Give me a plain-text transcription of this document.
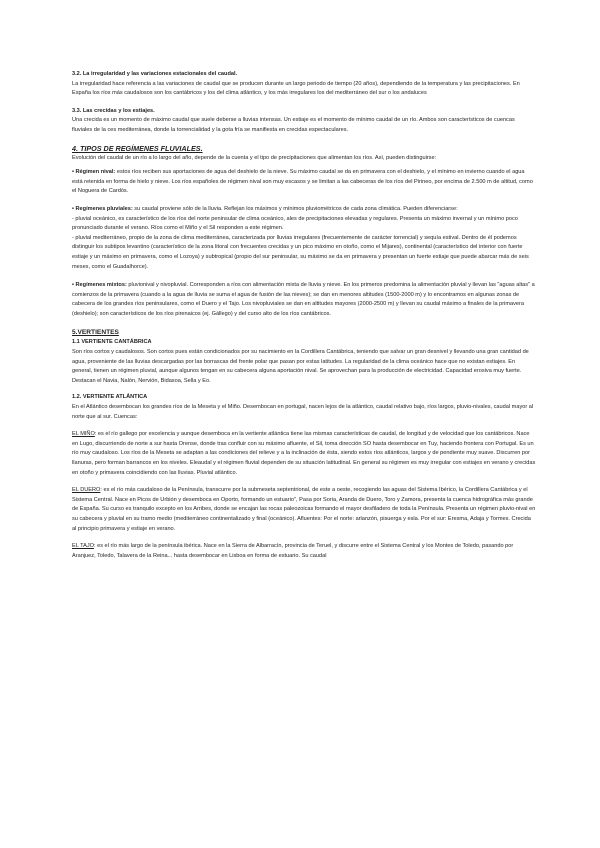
3.2. La irregularidad y las variaciones estacionales del caudal.

La irregularidad hace referencia a las variaciones de caudal que se producen durante un largo periodo de tiempo (20 años), dependiendo de la temperatura y las precipitaciones. En España los ríos más caudalosos son los cantábricos y los del clima atlántico, y los más irregulares los del mediterráneo del sur o los andaluces

3.3. Las crecidas y los estiajes.

Una crecida es un momento de máximo caudal que suele deberse a lluvias intensas. Un estiaje es el momento de mínimo caudal de un río. Ambos son característicos de cuencas fluviales de la ces mediterránea, donde la torrencialidad y la gota fría se manifiesta en crecidas espectaculares.

4. TIPOS DE REGÍMENES FLUVIALES.

Evolución del caudal de un río a lo largo del año, depende de la cuenta y el tipo de precipitaciones que alimentan los ríos. Así, pueden distinguirse:

• Régimen nival: estos ríos reciben sus aportaciones de agua del deshielo de la nieve. Su máximo caudal se da en primavera con el deshielo, y el mínimo en invierno cuando el agua está retenida en forma de hielo y nieve. Los ríos españoles de régimen nival son muy escasos y se limitan a las cabeceras de los ríos del Pirineo, por encima de 2.500 m de altitud, como el Noguera de Cardós.

• Regímenes pluviales: su caudal proviene sólo de la lluvia. Reflejan los máximos y mínimos pluviométricos de cada zona climática. Pueden diferenciarse:

- pluvial oceánico, es característico de los ríos del norte peninsular de clima oceánico, ales de precipitaciones elevadas y regulares. Presenta un máximo invernal y un mínimo poco pronunciado durante el verano. Ríos como el Miño y el Sil responden a este régimen.

- pluvial mediterráneo, propio de la zona de clima mediterránea, caracterizada por lluvias irregulares (frecuentemente de carácter torrencial) y sequía estival. Dentro de él podemos distinguir los subtipos levantino (característico de la zona litoral con frecuentes crecidas y un pico máximo en otoño, como el Mijares), continental (característico del interior con fuerte estiaje y un máximo en primavera, como el Lozoya) y subtropical (propio del sur peninsular, su máximo se da en primavera y presentan un fuerte estiaje que puede abarcar más de seis meses, como el Guadalhorce).

• Regímenes mixtos: pluvionival y nivopluvial. Corresponden a ríos con alimentación mixta de lluvia y nieve. En los primeros predomina la alimentación pluvial y llevan las "aguas altas" a comienzos de la primavera (cuando a la agua de lluvia se suma el agua de fusión de las nieves); se dan en menores altitudes (1500-2000 m) y lo encontramos en algunas zonas de cabecera de los grandes ríos peninsulares, como el Duero y el Tajo. Los nivopluviales se dan en altitudes mayores (2000-2500 m) y llevan su caudal máximo a finales de la primavera (deshielo); son característicos de los ríos pirenaicos (ej. Gállego) y del curso alto de los ríos cantábricos.

5.VERTIENTES

1.1 VERTIENTE CANTÁBRICA

Son ríos cortos y caudalosos. Son cortos pues están condicionados por su nacimiento en la Cordillera Cantábrica, teniendo que salvar un gran desnivel y llevando una gran cantidad de agua, proveniente de las lluvias descargadas por las borrascas del frente polar que pasan por estas latitudes. La regularidad de la clima oceánico hace que no existan estiajes. En general, tienen un régimen pluvial, aunque algunos tengan en su cabecera alguna aportación nival. Se aprovechan para la producción de electricidad. Capacidad erosiva muy fuerte. Destacan el Navia, Nalón, Nervión, Bidasoa, Sella y Eo.

1.2. VERTIENTE ATLÁNTICA

En el Atlántico desembocan los grandes ríos de la Meseta y el Miño. Desembocan en portugal, nacen lejos de la atlántico, caudal relativo bajo, ríos largos, pluvio-nivales, caudal mayor al norte que al sur. Cuencas:

EL MIÑO: es el río gallego por excelencia y aunque desemboca en la vertiente atlántica tiene las mismas características de caudal, de longitud y de velocidad que los cantábricos. Nace en Lugo, discurriendo de norte a sur hasta Orense, donde tras confluir con su máximo afluente, el Sil, toma dirección SO hasta desembocar en Tuy, haciendo frontera con Portugal. Es un río muy caudaloso. Los ríos de la Meseta se adaptan a las condiciones del relieve y a la inclinación de ésta, siendo estos ríos atlánticos, largos y de pendiente muy suave. Discurren por llanuras, pero forman barrancos en los niveles. Eleaudal y el régimen fluvial dependen de su situación latitudinal. En general su régimen es muy irregular con estiajes en verano y crecidas en otoño y primavera coincidiendo con las lluvias. Pluvial atlántico.

EL DUERO: es el río más caudaloso de la Península, transcurre por la submeseta septentrional, de este a oeste, recogiendo las aguas del Sistema Ibérico, la Cordillera Cantábrica y el Sistema Central. Nace en Picos de Urbión y desemboca en Oporto, formando un estuario", Pasa por Soria, Aranda de Duero, Toro y Zamora, presenta la cuenca hidrográfica más grande de España. Su curso es tranquilo excepto en los Arribes, donde se encajan las rocas paleozoicas formando el mayor desfiladero de toda la Península. Presenta un régimen pluvio-nival en su cabecera y pluvial en su tramo medio (mediterráneo continentalizado y final (oceánico). Afluentes: Por el norte: arlanzón, pisuerga y esla. Por el sur: Eresma, Adaja y Tormes. Crecida al principio primavera y estiaje en verano.

EL TAJO: es el río más largo de la península ibérica. Nace en la Sierra de Albarracín, provincia de Teruel, y discurre entre el Sistema Central y los Montes de Toledo, pasando por Aranjuez, Toledo, Talavera de la Reina... hasta desembocar en Lisboa en forma de estuario. Su caudal
